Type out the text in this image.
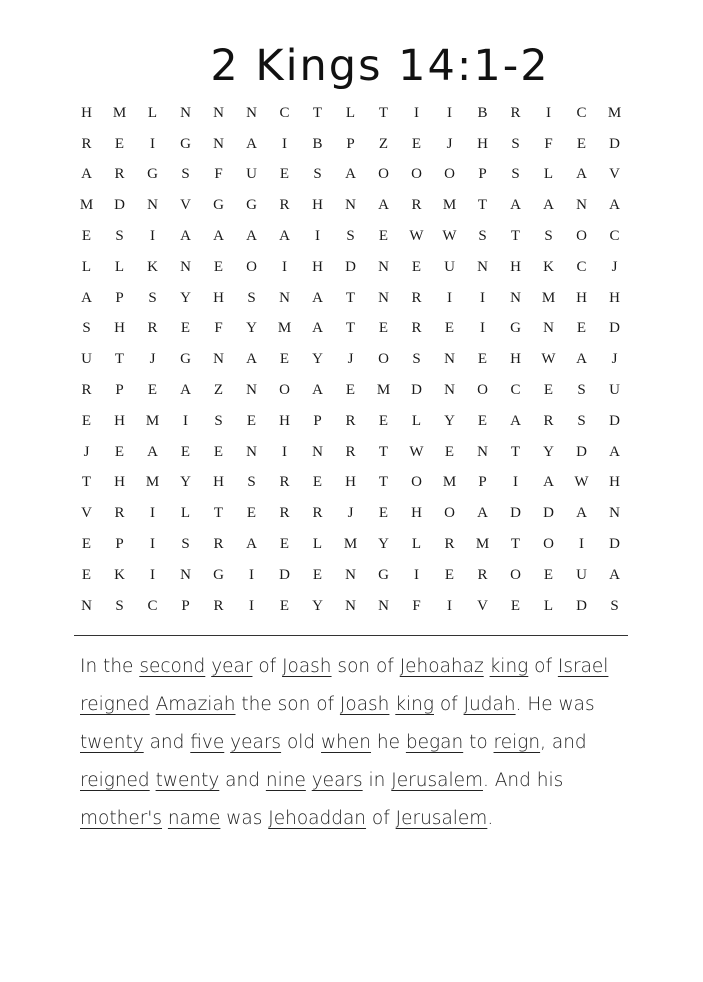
2 Kings 14:1-2
H	M	L	N	N	N	C	T	L	T	I	I	B	R	I	C	M
R	E	I	G	N	A	I	B	P	Z	E	J	H	S	F	E	D
A	R	G	S	F	U	E	S	A	O	O	O	P	S	L	A	V
M	D	N	V	G	G	R	H	N	A	R	M	T	A	A	N	A
E	S	I	A	A	A	A	I	S	E	W	W	S	T	S	O	C
L	L	K	N	E	O	I	H	D	N	E	U	N	H	K	C	J
A	P	S	Y	H	S	N	A	T	N	R	I	I	N	M	H	H
S	H	R	E	F	Y	M	A	T	E	R	E	I	G	N	E	D
U	T	J	G	N	A	E	Y	J	O	S	N	E	H	W	A	J
R	P	E	A	Z	N	O	A	E	M	D	N	O	C	E	S	U
E	H	M	I	S	E	H	P	R	E	L	Y	E	A	R	S	D
J	E	A	E	E	N	I	N	R	T	W	E	N	T	Y	D	A
T	H	M	Y	H	S	R	E	H	T	O	M	P	I	A	W	H
V	R	I	L	T	E	R	R	J	E	H	O	A	D	D	A	N
E	P	I	S	R	A	E	L	M	Y	L	R	M	T	O	I	D
E	K	I	N	G	I	D	E	N	G	I	E	R	O	E	U	A
N	S	C	P	R	I	E	Y	N	N	F	I	V	E	L	D	S
In the second year of Joash son of Jehoahaz king of Israel reigned Amaziah the son of Joash king of Judah. He was twenty and five years old when he began to reign, and reigned twenty and nine years in Jerusalem. And his mother's name was Jehoaddan of Jerusalem.
